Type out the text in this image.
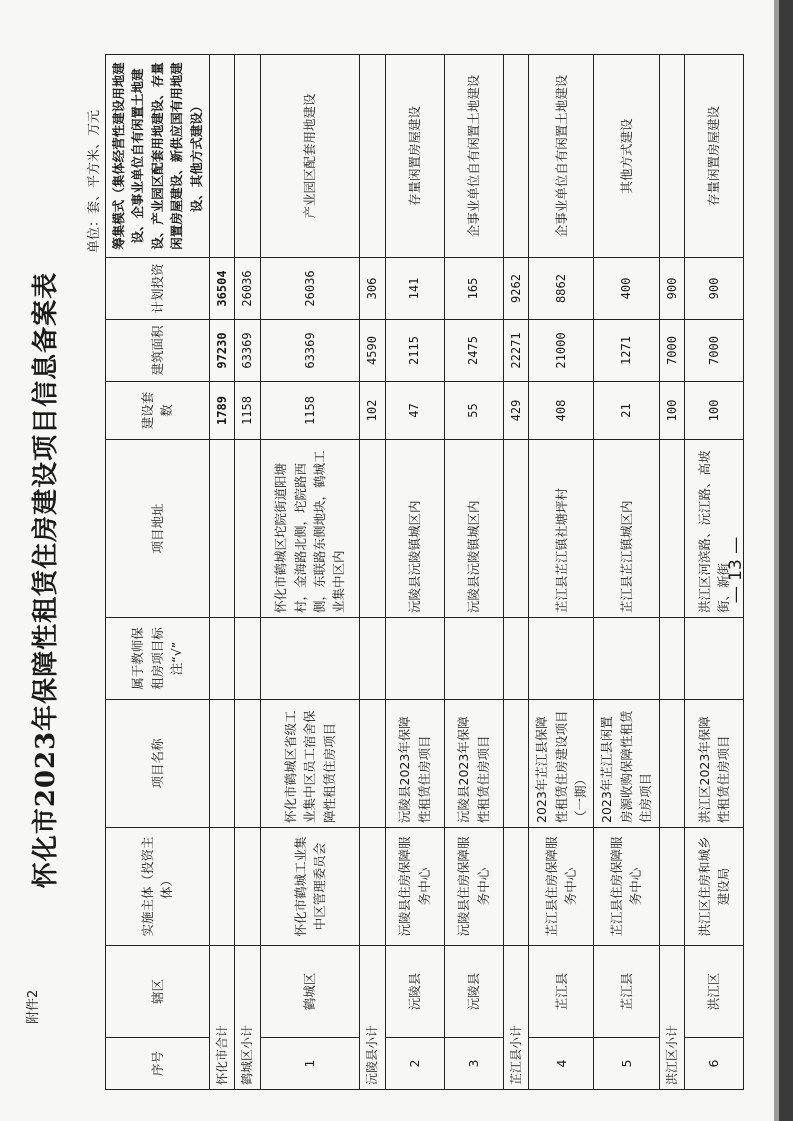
附件2
— 13 —
怀化市2023年保障性租赁住房建设项目信息备案表
单位：套、平方米、万元
序号	辖区	实施主体（投资主体）	项目名称	属于教师保租房项目标注“√”	项目地址	建设套数	建筑面积	计划投资	筹集模式（集体经营性建设用地建设、企事业单位自有闲置土地建设、产业园区配套用地建设、存量闲置房屋建设、新供应国有用地建设、其他方式建设）
怀化市合计						1789	97230	36504	
鹤城区小计						1158	63369	26036	
1	鹤城区	怀化市鹤城工业集中区管理委员会	怀化市鹤城区省级工业集中区员工宿舍保障性租赁住房项目		怀化市鹤城区坨院街道阳塘村，金海路北侧，坨院路西侧，东联路东侧地块，鹤城工业集中区内	1158	63369	26036	产业园区配套用地建设
沅陵县小计						102	4590	306	
2	沅陵县	沅陵县住房保障服务中心	沅陵县2023年保障性租赁住房项目		沅陵县沅陵镇城区内	47	2115	141	存量闲置房屋建设
3	沅陵县	沅陵县住房保障服务中心	沅陵县2023年保障性租赁住房项目		沅陵县沅陵镇城区内	55	2475	165	企事业单位自有闲置土地建设
芷江县小计						429	22271	9262	
4	芷江县	芷江县住房保障服务中心	2023年芷江县保障性租赁住房建设项目（一期）		芷江县芷江镇社塘坪村	408	21000	8862	企事业单位自有闲置土地建设
5	芷江县	芷江县住房保障服务中心	2023年芷江县闲置房源收购保障性租赁住房项目		芷江县芷江镇城区内	21	1271	400	其他方式建设
洪江区小计						100	7000	900	
6	洪江区	洪江区住房和城乡建设局	洪江区2023年保障性租赁住房项目		洪江区河滨路、沅江路、高坡街、新街	100	7000	900	存量闲置房屋建设
